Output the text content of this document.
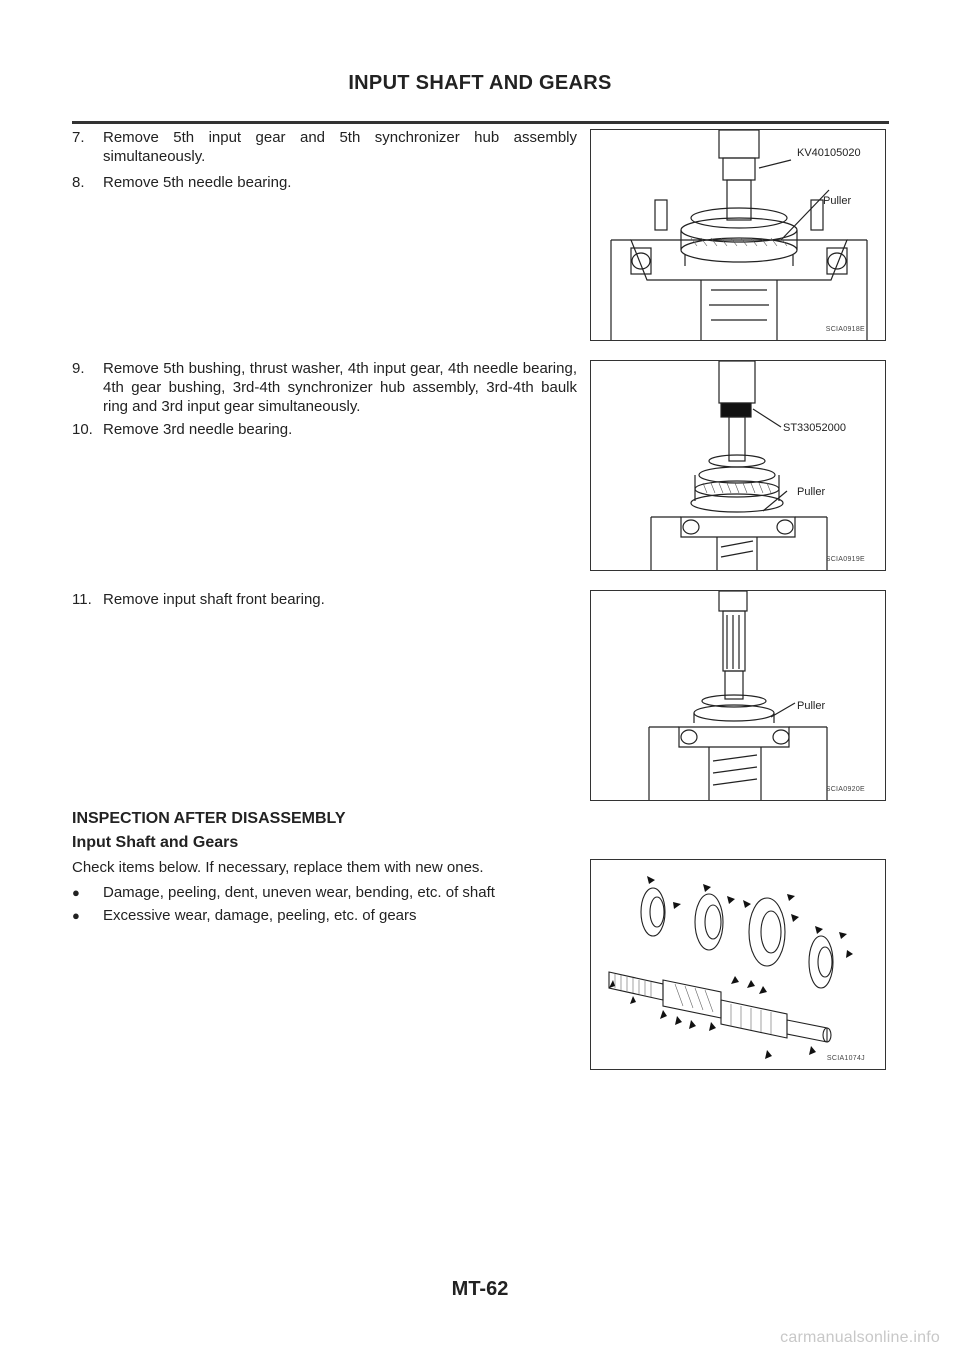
INPUT SHAFT AND GEARS
7. Remove 5th input gear and 5th synchronizer hub assembly simultaneously.
8. Remove 5th needle bearing.
KV40105020
Puller
SCIA0918E
9. Remove 5th bushing, thrust washer, 4th input gear, 4th needle bearing, 4th gear bushing, 3rd-4th synchronizer hub assembly, 3rd-4th baulk ring and 3rd input gear simultaneously.
10. Remove 3rd needle bearing.	ST33052000
Puller
SCIA0919E
11. Remove input shaft front bearing.
Puller
SCIA0920E
INSPECTION AFTER DISASSEMBLY
Input Shaft and Gears
Check items below. If necessary, replace them with new ones.
● Damage, peeling, dent, uneven wear, bending, etc. of shaft
● Excessive wear, damage, peeling, etc. of gears
SCIA1074J
MT-62
carmanualsonline.info
